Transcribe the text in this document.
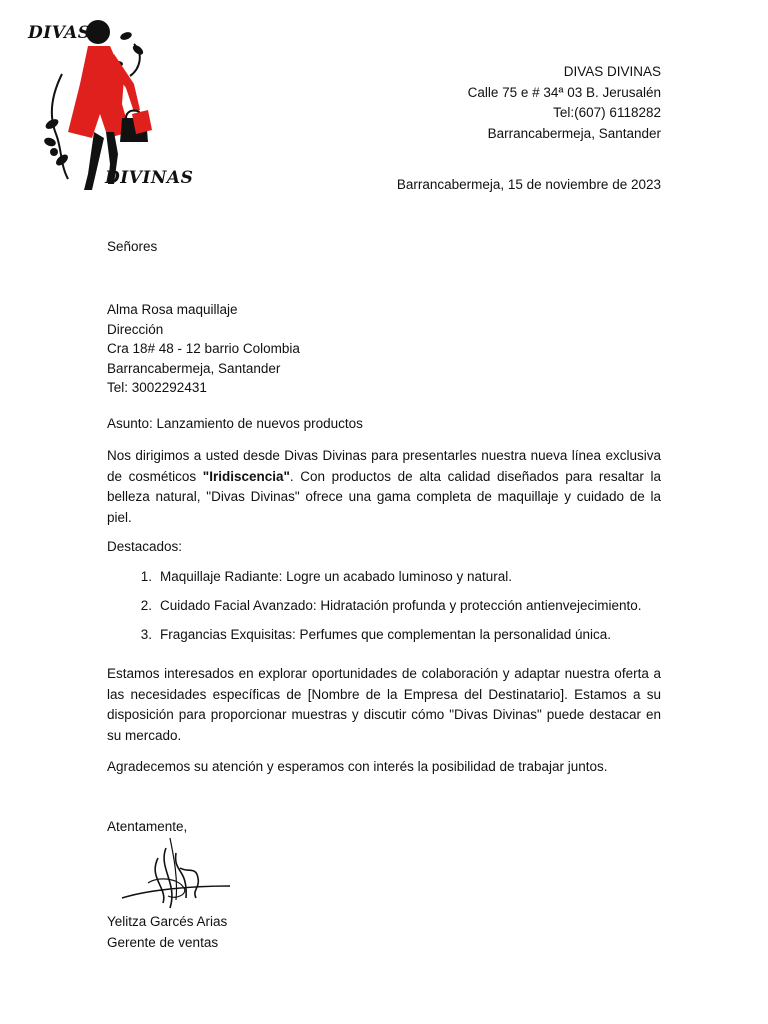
DIVAS
DIVINAS
DIVAS DIVINAS
Calle 75 e # 34ª 03 B. Jerusalén
Tel:(607) 6118282
Barrancabermeja, Santander
Barrancabermeja, 15 de noviembre de 2023
Señores
Alma Rosa maquillaje
Dirección
Cra 18# 48 - 12 barrio Colombia
Barrancabermeja, Santander
Tel: 3002292431
Asunto: Lanzamiento de nuevos productos

Nos dirigimos a usted desde Divas Divinas para presentarles nuestra nueva línea exclusiva de cosméticos "Iridiscencia". Con productos de alta calidad diseñados para resaltar la belleza natural, "Divas Divinas" ofrece una gama completa de maquillaje y cuidado de la piel.

Destacados:
1. Maquillaje Radiante: Logre un acabado luminoso y natural.
2. Cuidado Facial Avanzado: Hidratación profunda y protección antienvejecimiento.
3. Fragancias Exquisitas: Perfumes que complementan la personalidad única.

Estamos interesados en explorar oportunidades de colaboración y adaptar nuestra oferta a las necesidades específicas de [Nombre de la Empresa del Destinatario]. Estamos a su disposición para proporcionar muestras y discutir cómo "Divas Divinas" puede destacar en su mercado.

Agradecemos su atención y esperamos con interés la posibilidad de trabajar juntos.

Atentamente,
Yelitza Garcés Arias
Gerente de ventas
